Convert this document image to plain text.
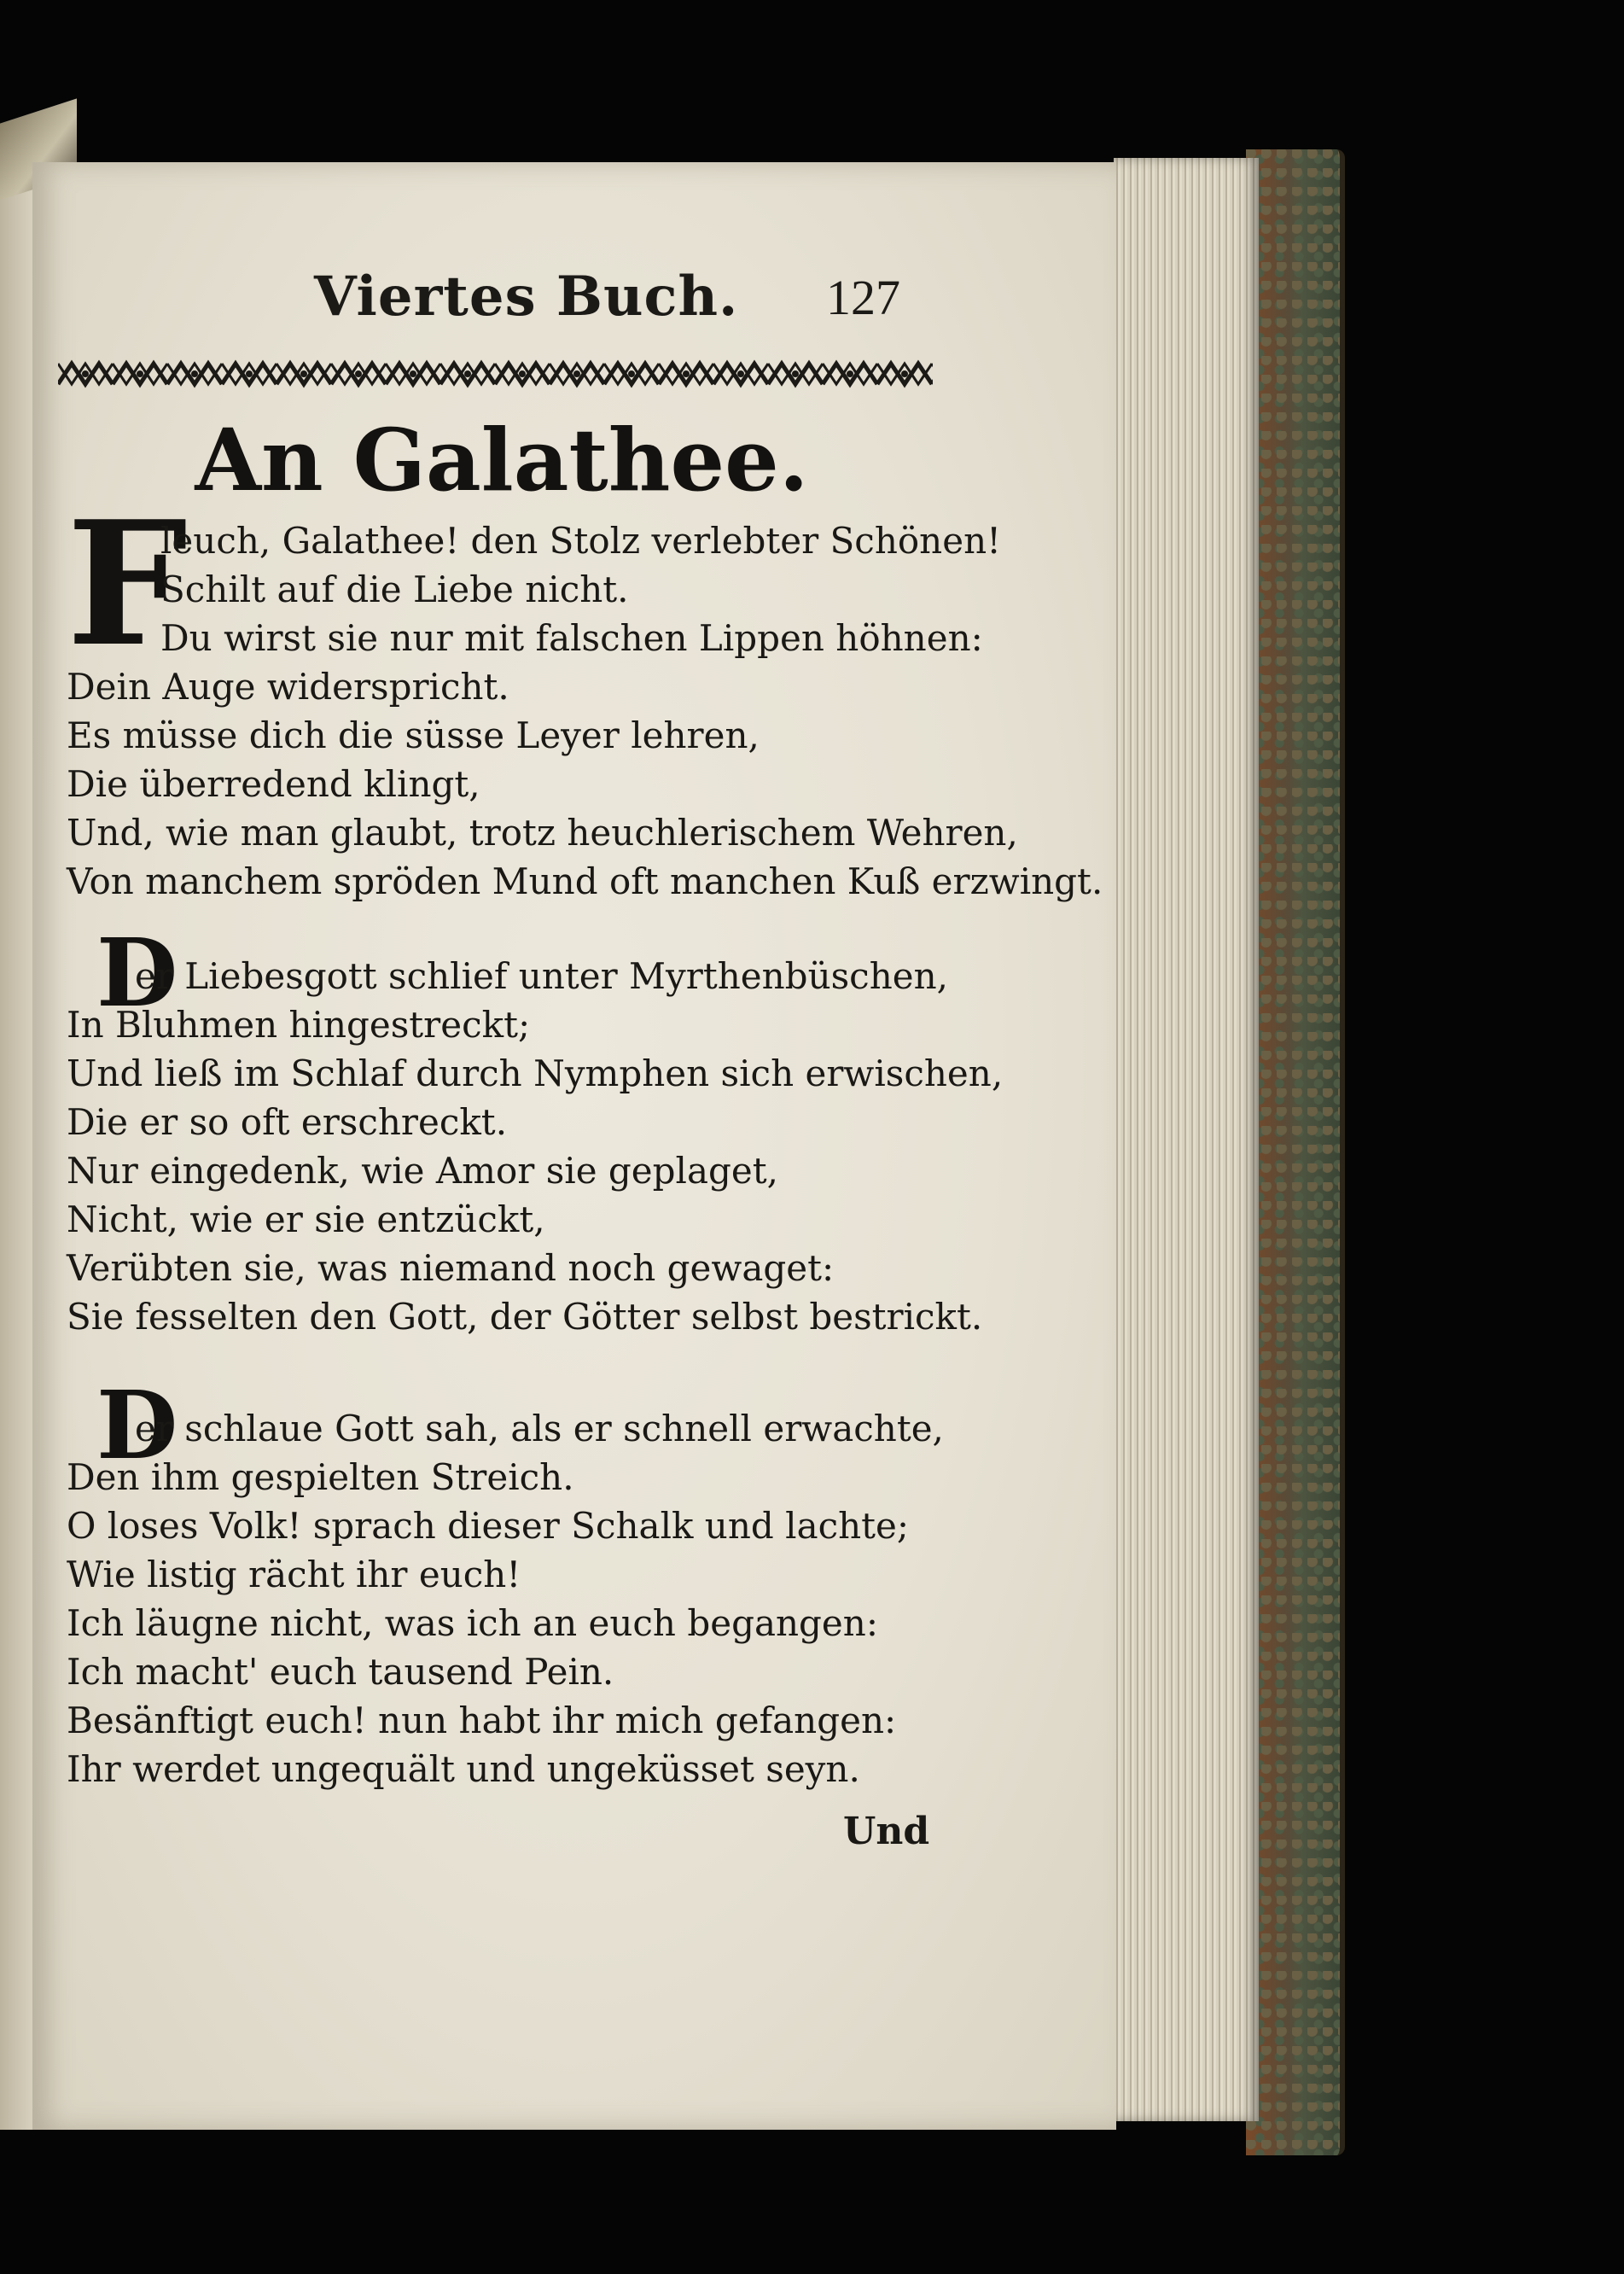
Viertes Buch. 127
An Galathee.
F
leuch, Galathee! den Stolz verlebter Schönen!
Schilt auf die Liebe nicht.
Du wirst sie nur mit falschen Lippen höhnen:
Dein Auge widerspricht.
Es müsse dich die süsse Leyer lehren,
Die überredend klingt,
Und, wie man glaubt, trotz heuchlerischem Wehren,
Von manchem spröden Mund oft manchen Kuß erzwingt.
D
er Liebesgott schlief unter Myrthenbüschen,
In Bluhmen hingestreckt;
Und ließ im Schlaf durch Nymphen sich erwischen,
Die er so oft erschreckt.
Nur eingedenk, wie Amor sie geplaget,
Nicht, wie er sie entzückt,
Verübten sie, was niemand noch gewaget:
Sie fesselten den Gott, der Götter selbst bestrickt.
D
er schlaue Gott sah, als er schnell erwachte,
Den ihm gespielten Streich.
O loses Volk! sprach dieser Schalk und lachte;
Wie listig rächt ihr euch!
Ich läugne nicht, was ich an euch begangen:
Ich macht' euch tausend Pein.
Besänftigt euch! nun habt ihr mich gefangen:
Ihr werdet ungequält und ungeküsset seyn.
Und
